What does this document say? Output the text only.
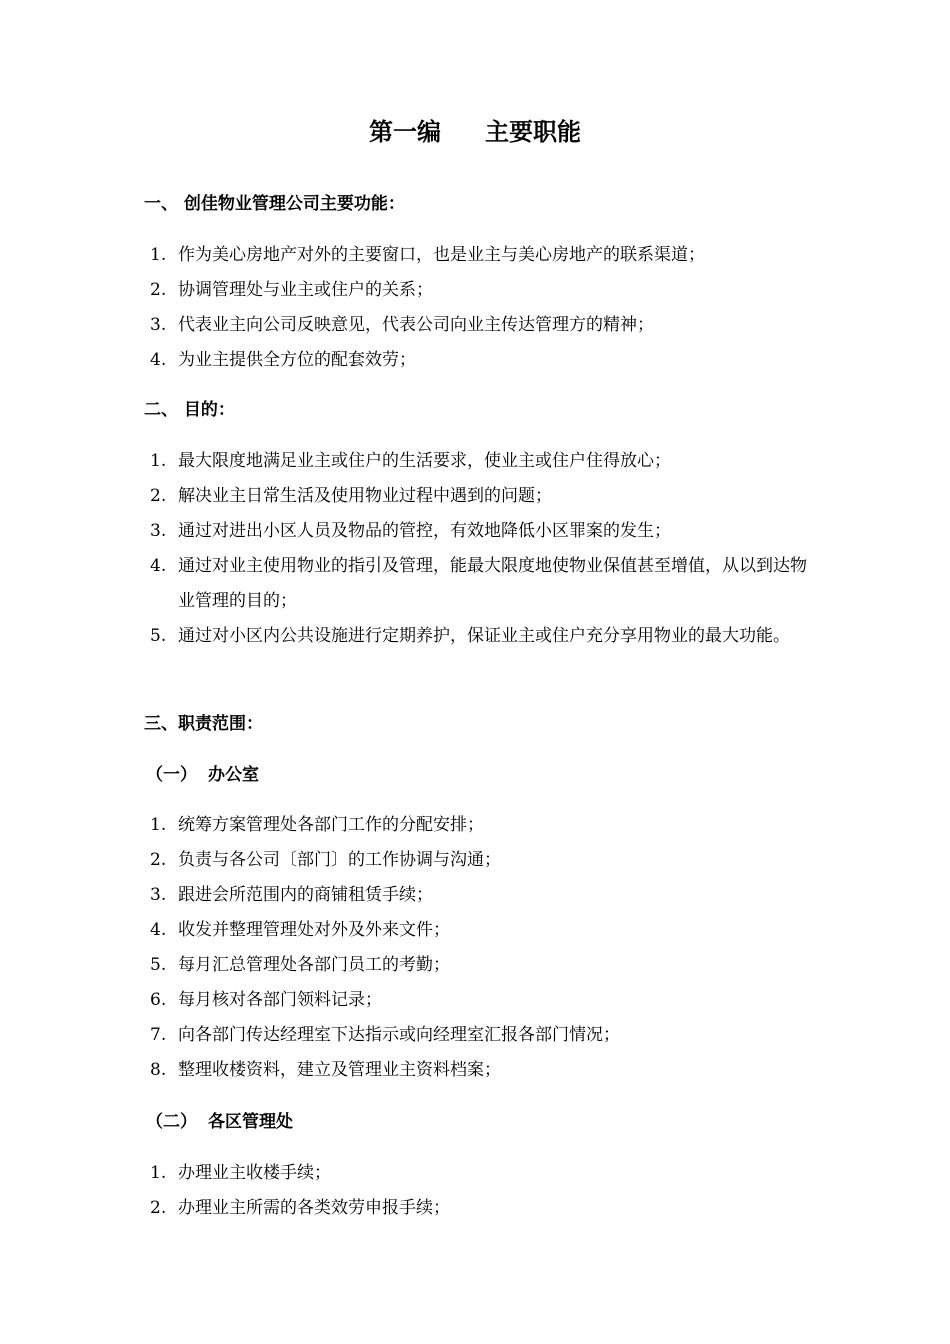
第一编 主要职能
一、 创佳物业管理公司主要功能：
1. 作为美心房地产对外的主要窗口，也是业主与美心房地产的联系渠道；
2. 协调管理处与业主或住户的关系；
3. 代表业主向公司反映意见，代表公司向业主传达管理方的精神；
4. 为业主提供全方位的配套效劳；
二、 目的：
1. 最大限度地满足业主或住户的生活要求，使业主或住户住得放心；
2. 解决业主日常生活及使用物业过程中遇到的问题；
3. 通过对进出小区人员及物品的管控，有效地降低小区罪案的发生；
4. 通过对业主使用物业的指引及管理，能最大限度地使物业保值甚至增值，从以到达物业管理的目的；
5. 通过对小区内公共设施进行定期养护，保证业主或住户充分享用物业的最大功能。
三、职责范围：
（一） 办公室
1. 统筹方案管理处各部门工作的分配安排；
2. 负责与各公司〔部门〕的工作协调与沟通；
3. 跟进会所范围内的商铺租赁手续；
4. 收发并整理管理处对外及外来文件；
5. 每月汇总管理处各部门员工的考勤；
6. 每月核对各部门领料记录；
7. 向各部门传达经理室下达指示或向经理室汇报各部门情况；
8. 整理收楼资料，建立及管理业主资料档案；
（二） 各区管理处
1. 办理业主收楼手续；
2. 办理业主所需的各类效劳申报手续；
